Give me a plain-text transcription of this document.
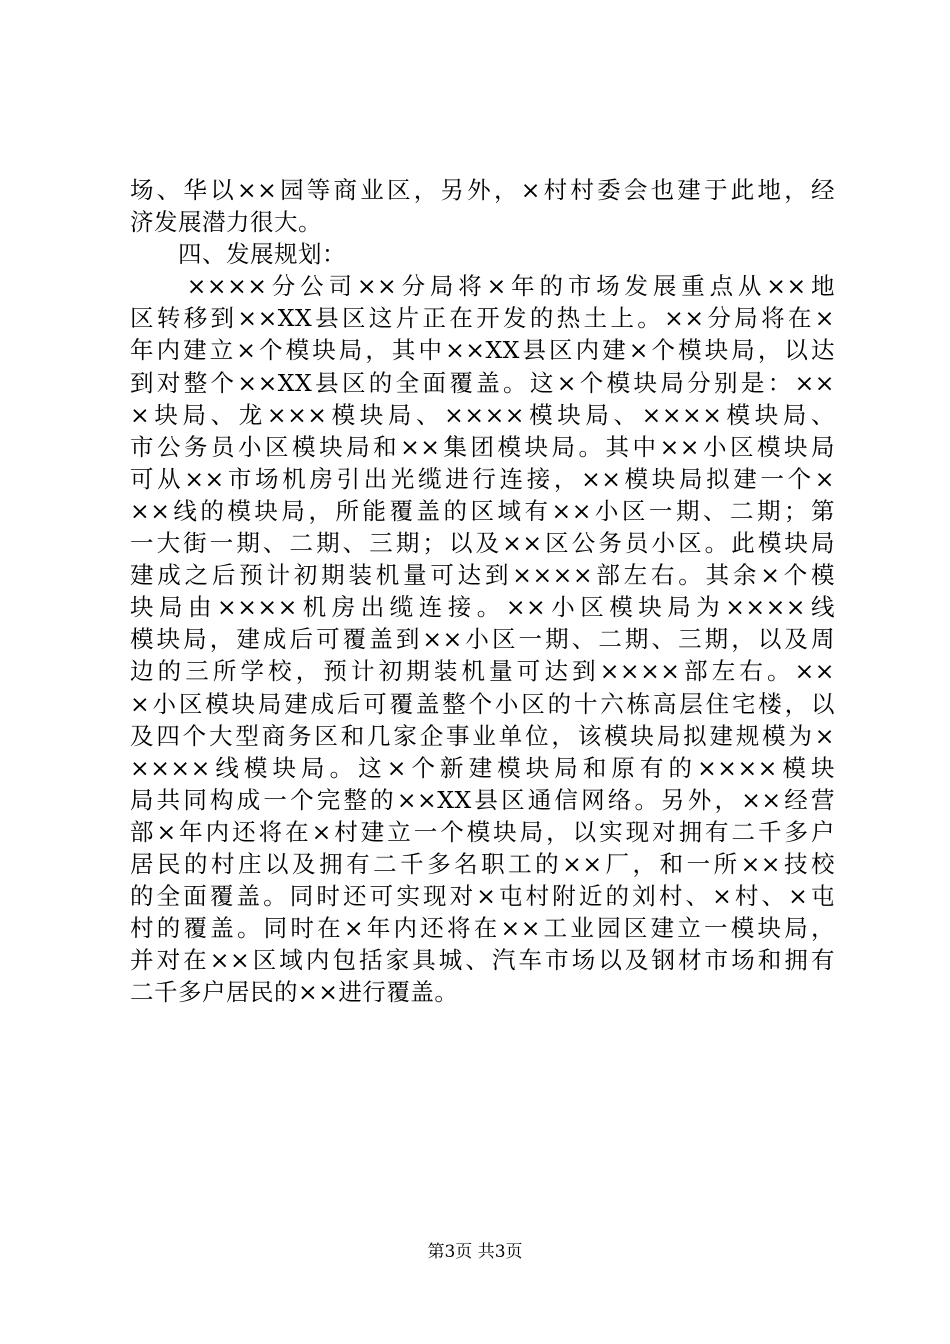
场、华以××园等商业区，另外，×村村委会也建于此地，经
济发展潜力很大。
　　四、发展规划：
　　××××分公司××分局将×年的市场发展重点从××地
区转移到××XX县区这片正在开发的热土上。××分局将在×
年内建立×个模块局，其中××XX县区内建×个模块局，以达
到对整个××XX县区的全面覆盖。这×个模块局分别是：××
×块局、龙×××模块局、××××模块局、××××模块局、
市公务员小区模块局和××集团模块局。其中××小区模块局
可从××市场机房引出光缆进行连接，××模块局拟建一个×
××线的模块局，所能覆盖的区域有××小区一期、二期；第
一大街一期、二期、三期；以及××区公务员小区。此模块局
建成之后预计初期装机量可达到××××部左右。其余×个模
块局由××××机房出缆连接。××小区模块局为××××线
模块局，建成后可覆盖到××小区一期、二期、三期，以及周
边的三所学校，预计初期装机量可达到××××部左右。××
×小区模块局建成后可覆盖整个小区的十六栋高层住宅楼，以
及四个大型商务区和几家企事业单位，该模块局拟建规模为×
××××线模块局。这×个新建模块局和原有的××××模块
局共同构成一个完整的××XX县区通信网络。另外，××经营
部×年内还将在×村建立一个模块局，以实现对拥有二千多户
居民的村庄以及拥有二千多名职工的××厂，和一所××技校
的全面覆盖。同时还可实现对×屯村附近的刘村、×村、×屯
村的覆盖。同时在×年内还将在××工业园区建立一模块局，
并对在××区域内包括家具城、汽车市场以及钢材市场和拥有
二千多户居民的××进行覆盖。
第3页 共3页
